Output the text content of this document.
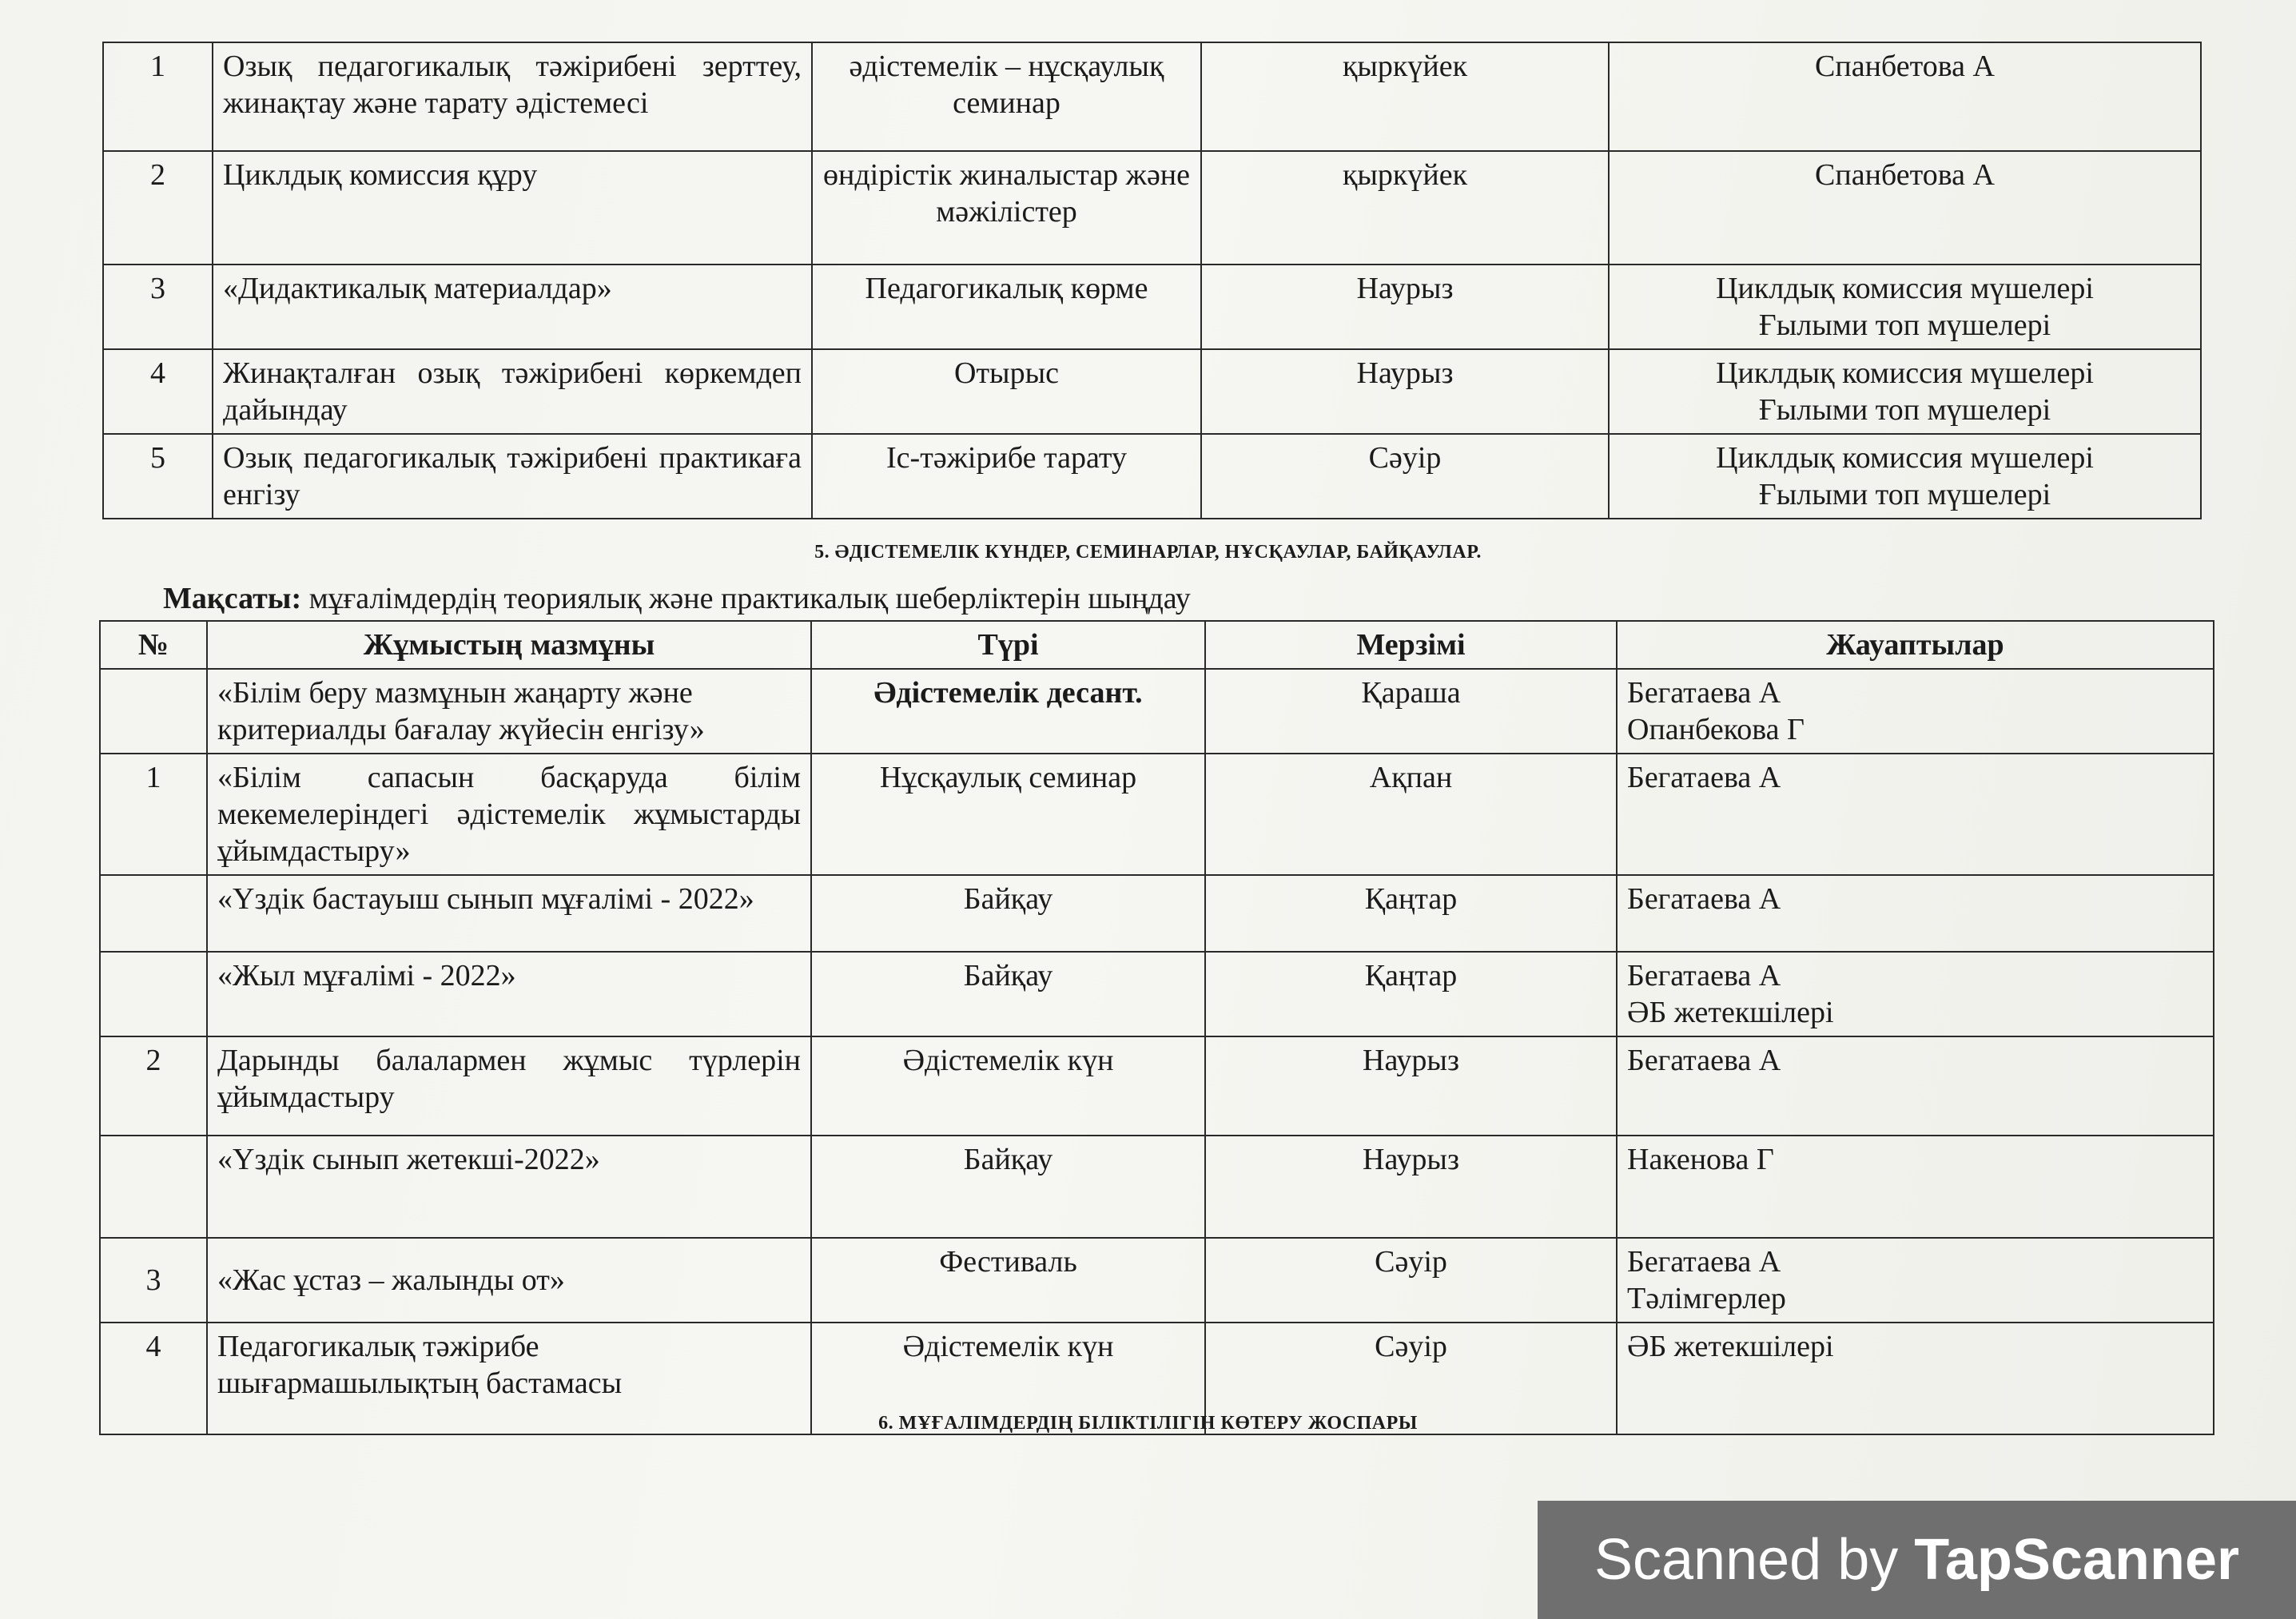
1	Озық педагогикалық тәжірибені зерттеу, жинақтау және тарату әдістемесі	әдістемелік – нұсқаулық семинар	қыркүйек	Спанбетова А

2	Циклдық комиссия құру	өндірістік жиналыстар және мәжілістер	қыркүйек	Спанбетова А

3	«Дидактикалық материалдар»	Педагогикалық көрме	Наурыз	Циклдық комиссия мүшелері
Ғылыми топ мүшелері

4	Жинақталған озық тәжірибені көркемдеп дайындау	Отырыс	Наурыз	Циклдық комиссия мүшелері
Ғылыми топ мүшелері

5	Озық педагогикалық тәжірибені практикаға енгізу	Іс-тәжірибе тарату	Сәуір	Циклдық комиссия мүшелері
Ғылыми топ мүшелері
5. ӘДІСТЕМЕЛІК КҮНДЕР, СЕМИНАРЛАР, НҰСҚАУЛАР, БАЙҚАУЛАР.
Мақсаты: мұғалімдердің теориялық және практикалық шеберліктерін шыңдау
№	Жұмыстың мазмұны	Түрі	Мерзімі	Жауаптылар
	«Білім беру мазмұнын жаңарту және критериалды бағалау жүйесін енгізу»	Әдістемелік десант.	Қараша	Бегатаева А
Опанбекова Г

1	«Білім сапасын басқаруда білім мекемелеріндегі әдістемелік жұмыстарды ұйымдастыру»	Нұсқаулық семинар	Ақпан	Бегатаева А

	«Үздік бастауыш сынып мұғалімі - 2022»	Байқау	Қаңтар	Бегатаева А

	«Жыл мұғалімі - 2022»	Байқау	Қаңтар	Бегатаева А
ӘБ жетекшілері

2	Дарынды балалармен жұмыс түрлерін ұйымдастыру	Әдістемелік күн	Наурыз	Бегатаева А

	«Үздік сынып жетекші-2022»	Байқау	Наурыз	Накенова Г

3	«Жас ұстаз – жалынды от»	Фестиваль	Сәуір	Бегатаева А
Тәлімгерлер

4	Педагогикалық тәжірибе шығармашылықтың бастамасы	Әдістемелік күн	Сәуір	ӘБ жетекшілері
6. МҰҒАЛІМДЕРДІҢ БІЛІКТІЛІГІН КӨТЕРУ ЖОСПАРЫ
Scanned by TapScanner
